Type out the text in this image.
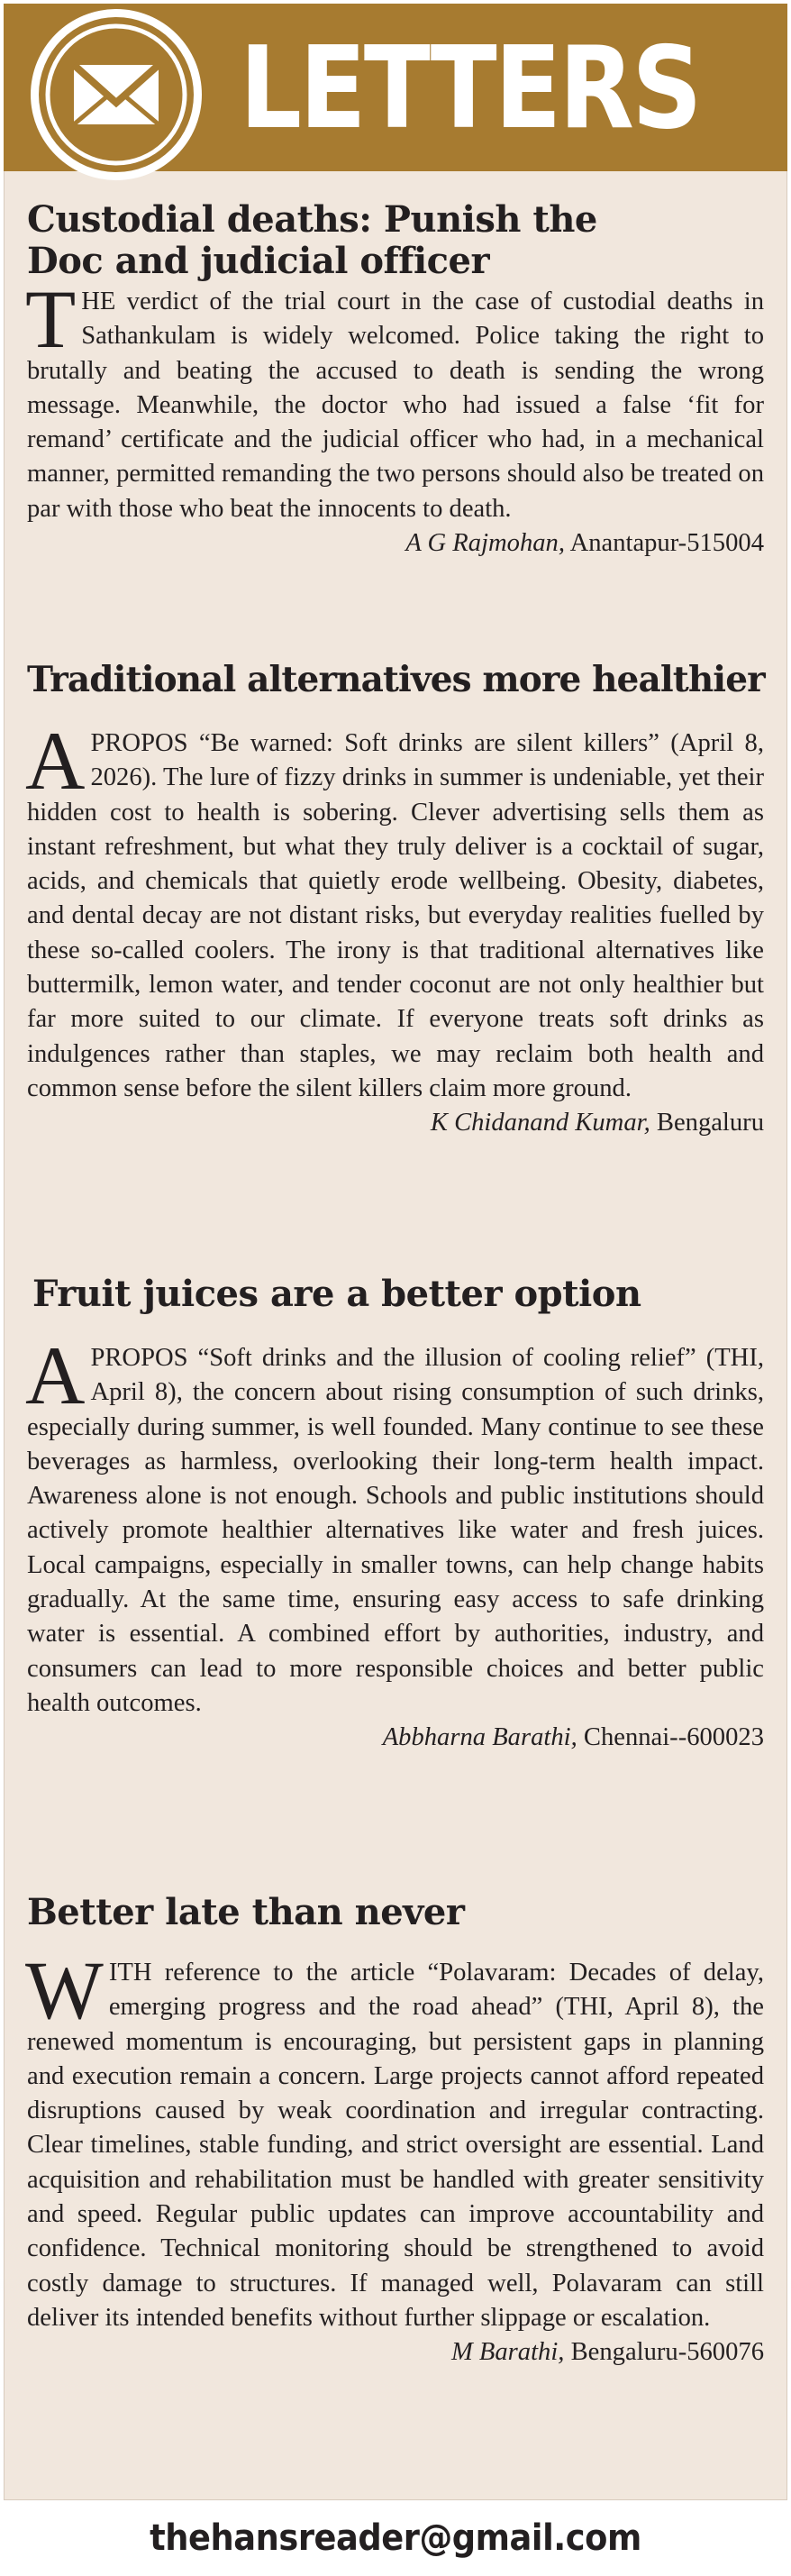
LETTERS
Custodial deaths: Punish the
Doc and judicial officer

THE verdict of the trial court in the case of custodial deaths in Sathankulam is widely welcomed. Police taking the right to brutally and beating the accused to death is sending the wrong message. Meanwhile, the doctor who had issued a false ‘fit for remand’ certificate and the judicial officer who had, in a mechanical manner, permitted remanding the two persons should also be treated on par with those who beat the innocents to death.

A G Rajmohan, Anantapur-515004
Traditional alternatives more healthier

APROPOS “Be warned: Soft drinks are silent killers” (April 8, 2026). The lure of fizzy drinks in summer is undeniable, yet their hidden cost to health is sobering. Clever advertising sells them as instant refreshment, but what they truly deliver is a cocktail of sugar, acids, and chemicals that quietly erode wellbeing. Obesity, diabetes, and dental decay are not distant risks, but everyday realities fuelled by these so-called coolers. The irony is that traditional alternatives like buttermilk, lemon water, and tender coconut are not only healthier but far more suited to our climate. If everyone treats soft drinks as indulgences rather than staples, we may reclaim both health and common sense before the silent killers claim more ground.

K Chidanand Kumar, Bengaluru
Fruit juices are a better option

APROPOS “Soft drinks and the illusion of cooling relief” (THI, April 8), the concern about rising consumption of such drinks, especially during summer, is well founded. Many continue to see these beverages as harmless, overlooking their long-term health impact. Awareness alone is not enough. Schools and public institutions should actively promote healthier alternatives like water and fresh juices. Local campaigns, especially in smaller towns, can help change habits gradually. At the same time, ensuring easy access to safe drinking water is essential. A combined effort by authorities, industry, and consumers can lead to more responsible choices and better public health outcomes.

Abbharna Barathi, Chennai--600023
Better late than never

WITH reference to the article “Polavaram: Decades of delay, emerging progress and the road ahead” (THI, April 8), the renewed momentum is encouraging, but persistent gaps in planning and execution remain a concern. Large projects cannot afford repeated disruptions caused by weak coordination and irregular contracting. Clear timelines, stable funding, and strict oversight are essential. Land acquisition and rehabilitation must be handled with greater sensitivity and speed. Regular public updates can improve accountability and confidence. Technical monitoring should be strengthened to avoid costly damage to structures. If managed well, Polavaram can still deliver its intended benefits without further slippage or escalation.

M Barathi, Bengaluru-560076
thehansreader@gmail.com
